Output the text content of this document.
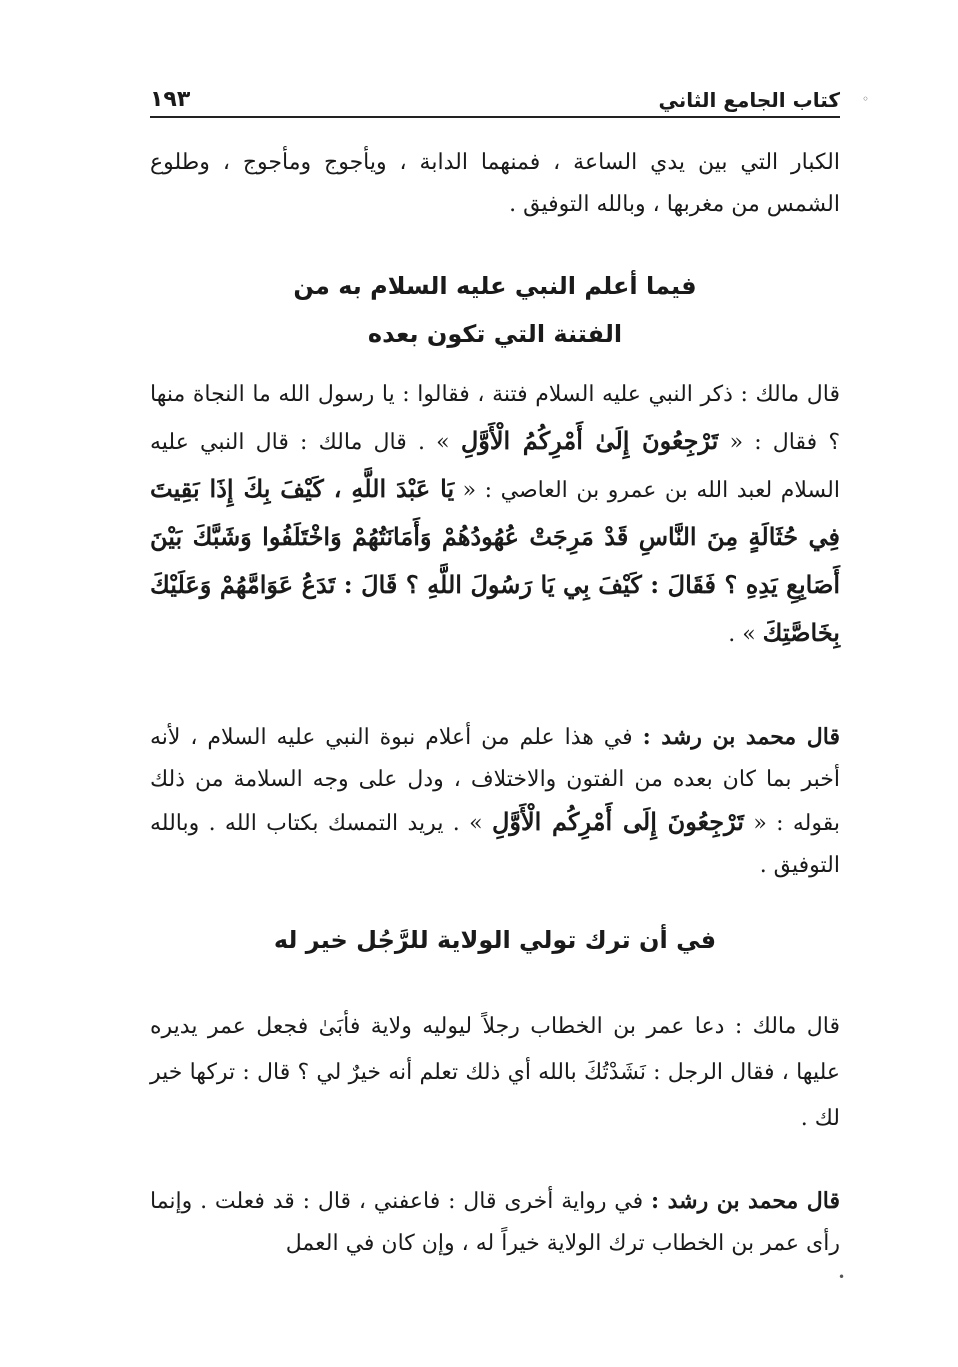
كتاب الجامع الثاني
١٩٣

الكبار التي بين يدي الساعة ، فمنهما الدابة ، ويأجوج ومأجوج ، وطلوع الشمس من مغربها ، وبالله التوفيق .

فيما أعلم النبي عليه السلام به من

الفتنة التي تكون بعده

قال مالك : ذكر النبي عليه السلام فتنة ، فقالوا : يا رسول الله ما النجاة منها ؟ فقال : « تَرْجِعُونَ إِلَىٰ أَمْرِكُمُ الْأَوَّلِ » . قال مالك : قال النبي عليه السلام لعبد الله بن عمرو بن العاصي : « يَا عَبْدَ اللَّهِ ، كَيْفَ بِكَ إِذَا بَقِيتَ فِي حُثَالَةٍ مِنَ النَّاسِ قَدْ مَرِجَتْ عُهُودُهُمْ وَأَمَانَتُهُمْ وَاخْتَلَفُوا وَشَبَّكَ بَيْنَ أَصَابِعِ يَدِهِ ؟ فَقَالَ : كَيْفَ بِي يَا رَسُولَ اللَّهِ ؟ قَالَ : تَدَعُ عَوَامَّهُمْ وَعَلَيْكَ بِخَاصَّتِكَ » .

قال محمد بن رشد : في هذا علم من أعلام نبوة النبي عليه السلام ، لأنه أخبر بما كان بعده من الفتون والاختلاف ، ودل على وجه السلامة من ذلك بقوله : « تَرْجِعُونَ إِلَى أَمْرِكُم الْأَوَّلِ » . يريد التمسك بكتاب الله . وبالله التوفيق .

في أن ترك تولي الولاية للرَّجُل خير له

قال مالك : دعا عمر بن الخطاب رجلاً ليوليه ولاية فأبَىٰ فجعل عمر يديره عليها ، فقال الرجل : نَشَدْتُكَ بالله أي ذلك تعلم أنه خيرٌ لي ؟ قال : تركها خير لك .

قال محمد بن رشد : في رواية أخرى قال : فاعفني ، قال : قد فعلت . وإنما رأى عمر بن الخطاب ترك الولاية خيراً له ، وإن كان في العمل

◦
•
